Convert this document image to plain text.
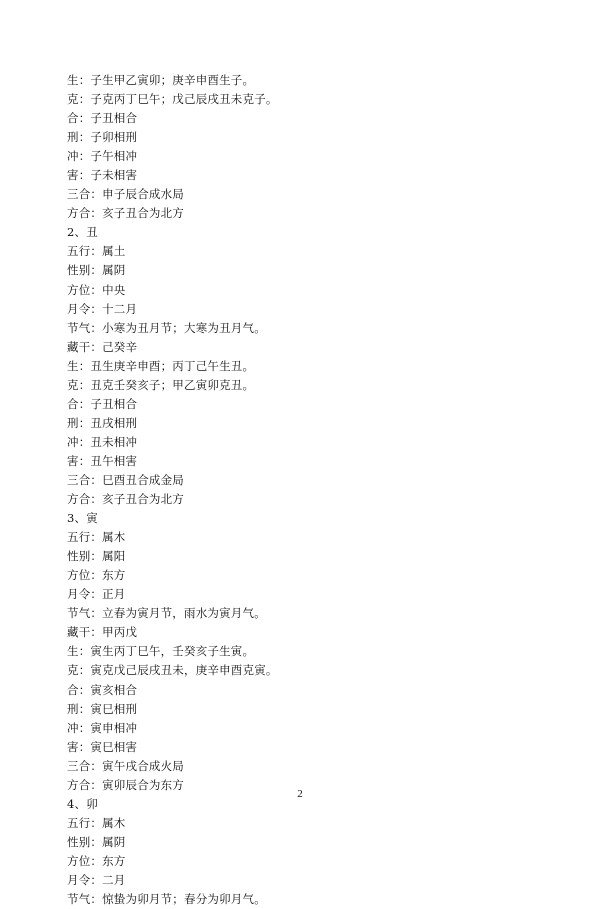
生：子生甲乙寅卯；庚辛申酉生子。
克：子克丙丁巳午；戊己辰戌丑未克子。
合：子丑相合
刑：子卯相刑
冲：子午相冲
害：子未相害
三合：申子辰合成水局
方合：亥子丑合为北方
2、丑
五行：属土
性别：属阴
方位：中央
月令：十二月
节气：小寒为丑月节；大寒为丑月气。
藏干：己癸辛
生：丑生庚辛申酉；丙丁己午生丑。
克：丑克壬癸亥子；甲乙寅卯克丑。
合：子丑相合
刑：丑戌相刑
冲：丑未相冲
害：丑午相害
三合：巳酉丑合成金局
方合：亥子丑合为北方
3、寅
五行：属木
性别：属阳
方位：东方
月令：正月
节气：立春为寅月节，雨水为寅月气。
藏干：甲丙戊
生：寅生丙丁巳午，壬癸亥子生寅。
克：寅克戊己辰戌丑未，庚辛申酉克寅。
合：寅亥相合
刑：寅巳相刑
冲：寅申相冲
害：寅巳相害
三合：寅午戌合成火局
方合：寅卯辰合为东方
4、卯
五行：属木
性别：属阴
方位：东方
月令：二月
节气：惊蛰为卯月节；春分为卯月气。
2
